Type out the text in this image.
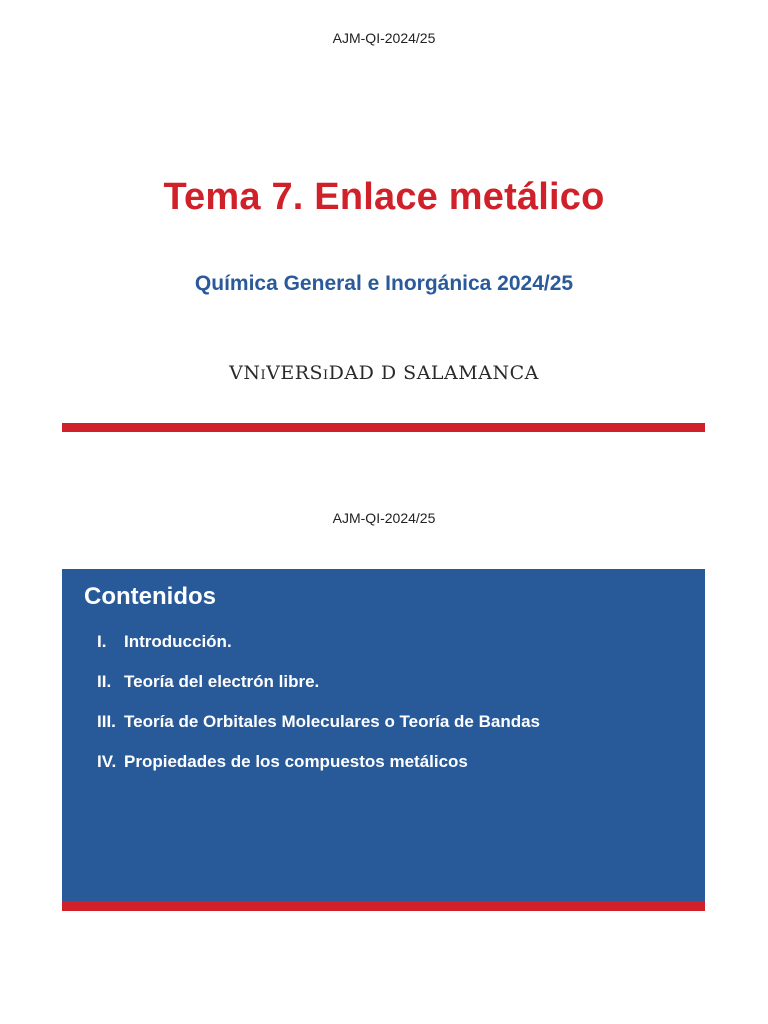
AJM-QI-2024/25
Tema 7. Enlace metálico
Química General e Inorgánica 2024/25
VNiVERSiDAD D SALAMANCA
AJM-QI-2024/25
Contenidos
I.	Introducción.
II. Teoría del electrón libre.
III. Teoría de Orbitales Moleculares o Teoría de Bandas
IV. Propiedades de los compuestos metálicos
